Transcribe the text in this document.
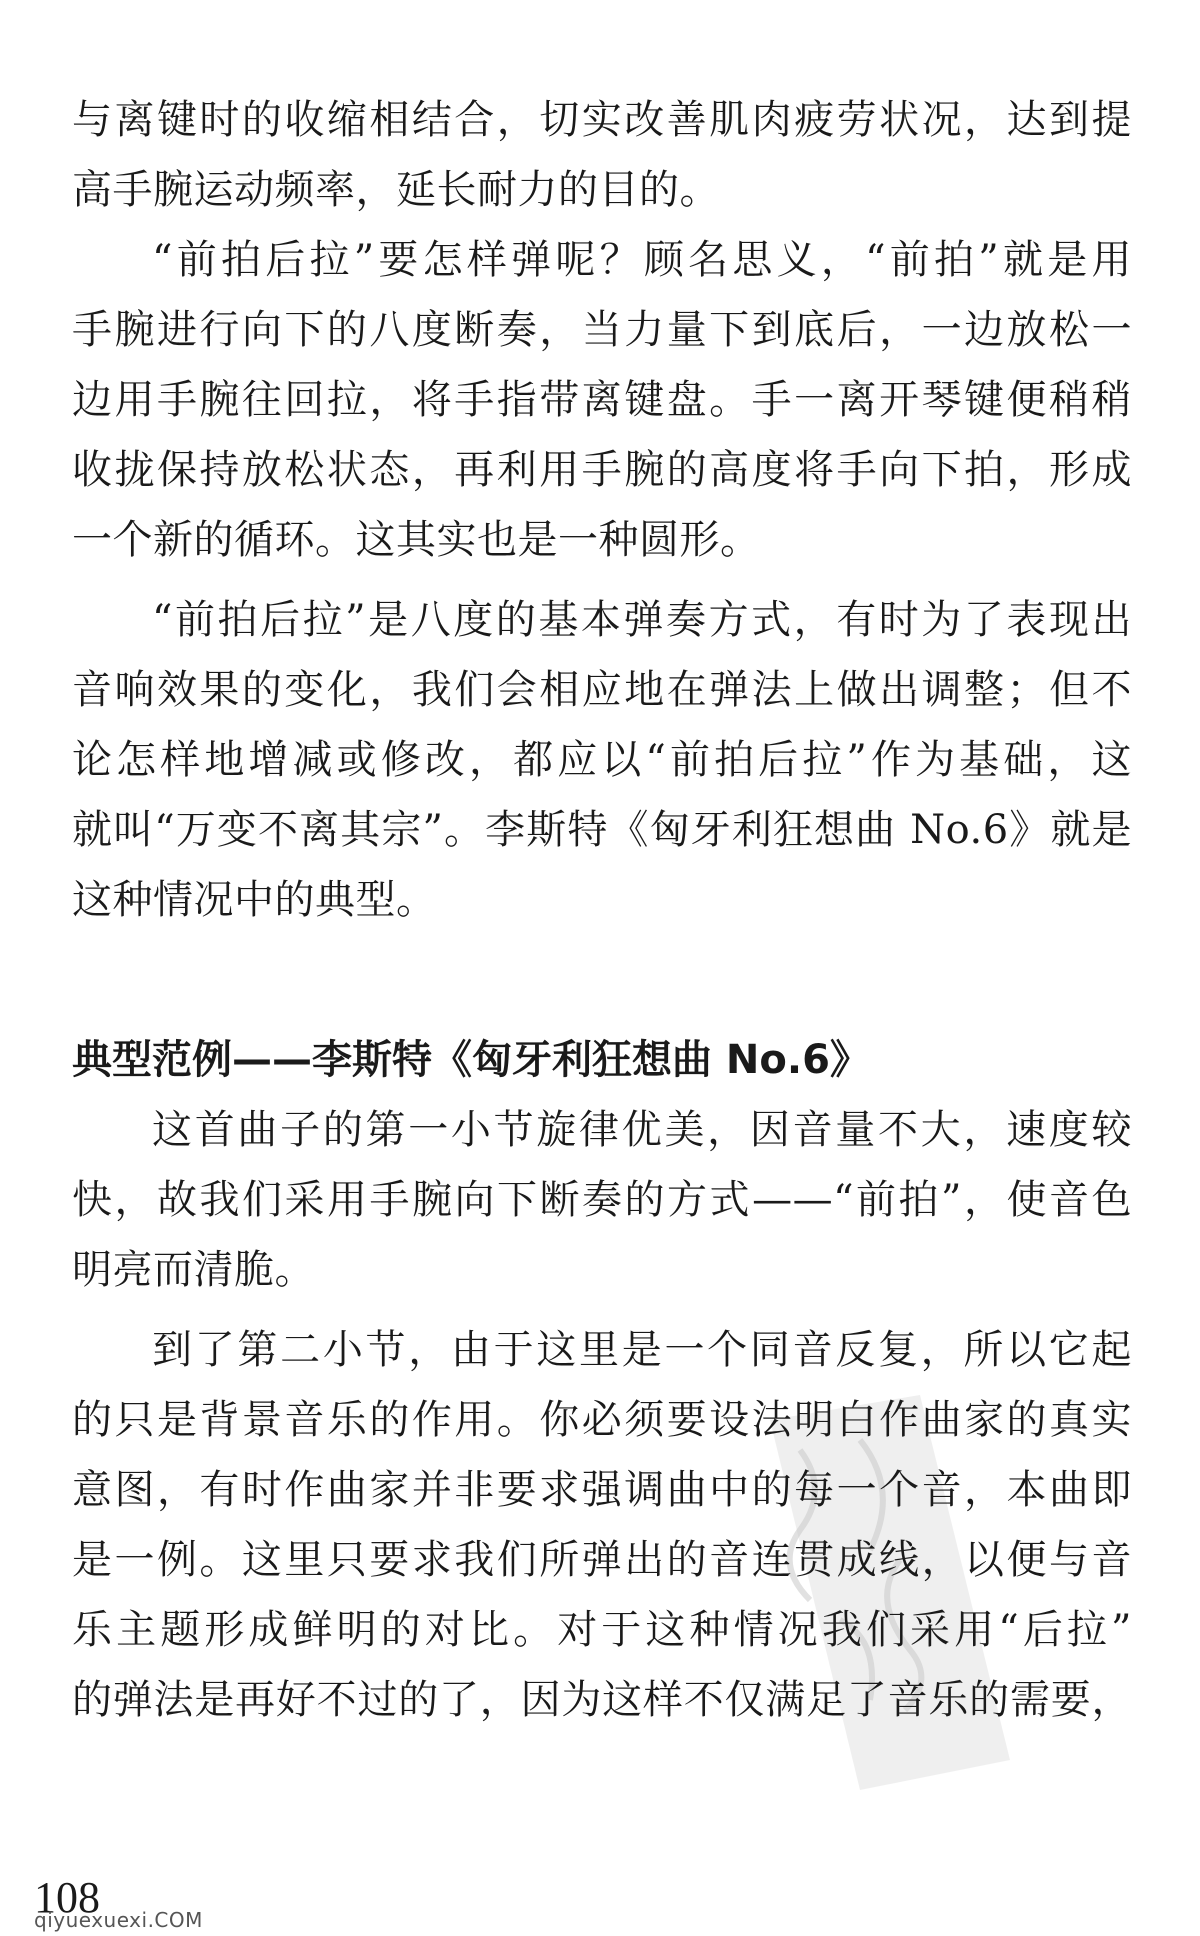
与离键时的收缩相结合，切实改善肌肉疲劳状况，达到提
高手腕运动频率，延长耐力的目的。
“前拍后拉”要怎样弹呢？顾名思义，“前拍”就是用
手腕进行向下的八度断奏，当力量下到底后，一边放松一
边用手腕往回拉，将手指带离键盘。手一离开琴键便稍稍
收拢保持放松状态，再利用手腕的高度将手向下拍，形成
一个新的循环。这其实也是一种圆形。
“前拍后拉”是八度的基本弹奏方式，有时为了表现出
音响效果的变化，我们会相应地在弹法上做出调整；但不
论怎样地增减或修改，都应以“前拍后拉”作为基础，这
就叫“万变不离其宗”。李斯特《匈牙利狂想曲 No.6》就是
这种情况中的典型。
典型范例——李斯特《匈牙利狂想曲 No.6》
这首曲子的第一小节旋律优美，因音量不大，速度较
快，故我们采用手腕向下断奏的方式——“前拍”，使音色
明亮而清脆。
到了第二小节，由于这里是一个同音反复，所以它起
的只是背景音乐的作用。你必须要设法明白作曲家的真实
意图，有时作曲家并非要求强调曲中的每一个音，本曲即
是一例。这里只要求我们所弹出的音连贯成线，以便与音
乐主题形成鲜明的对比。对于这种情况我们采用“后拉”
的弹法是再好不过的了，因为这样不仅满足了音乐的需要，
108
qiyuexuexi.COM
